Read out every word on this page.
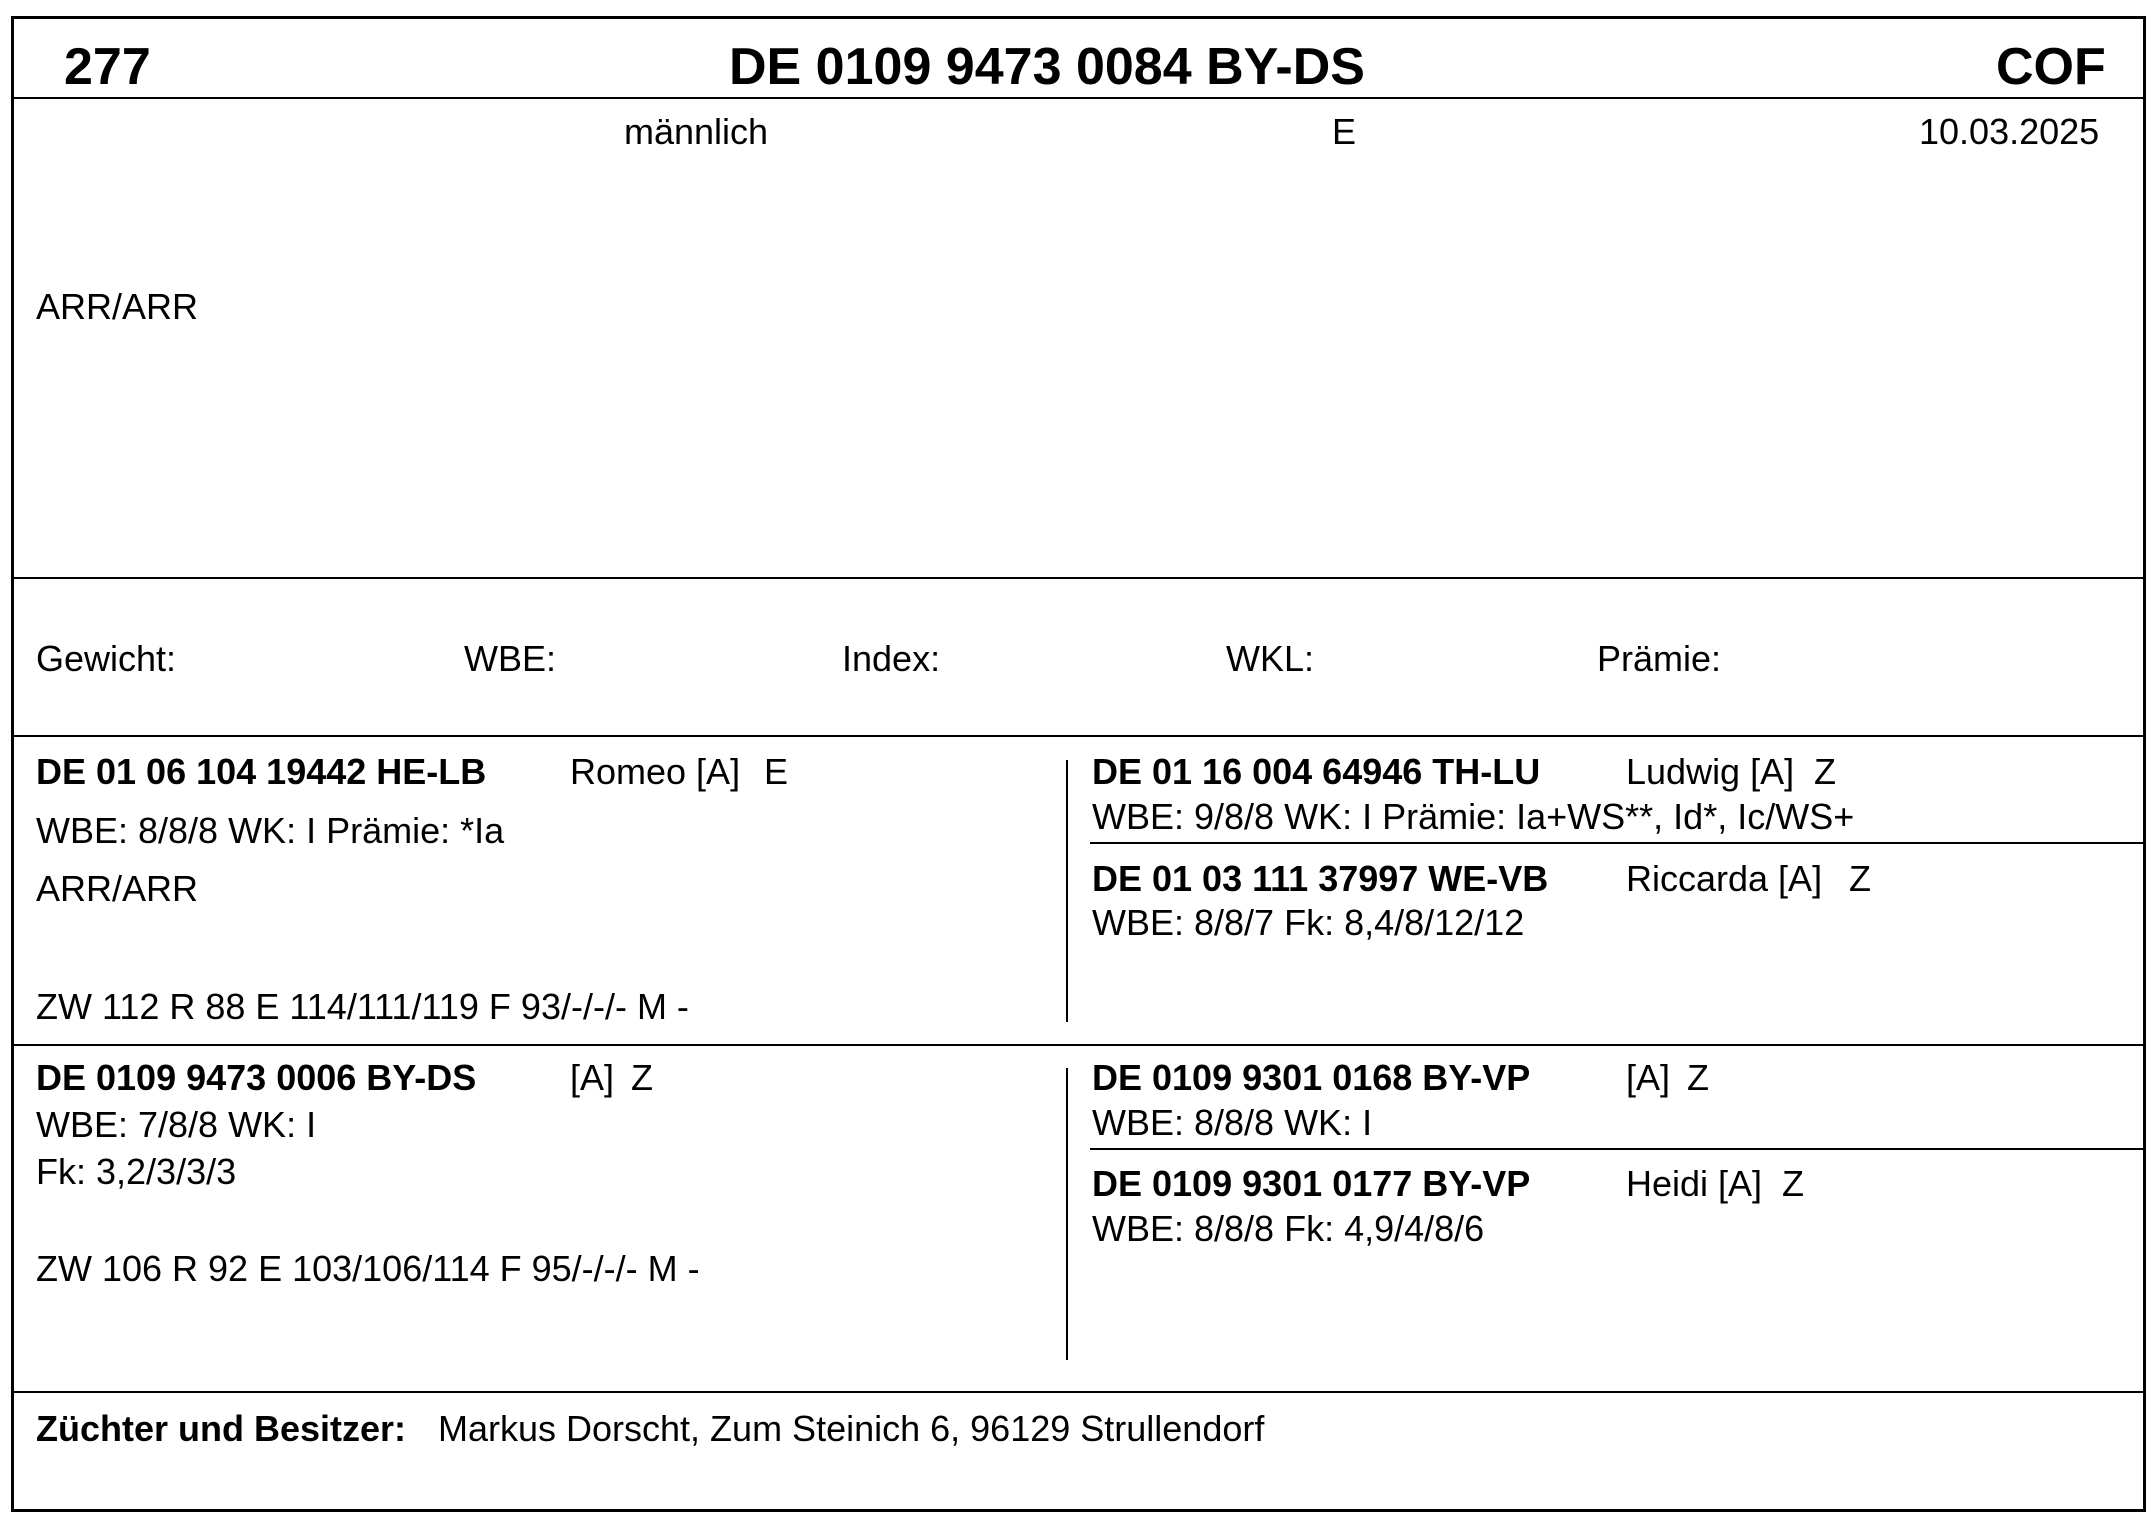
277	DE 0109 9473 0084 BY-DS	COF
männlich	E	10.03.2025
ARR/ARR
Gewicht:	WBE:	Index:	WKL:	Prämie:
DE 01 06 104 19442 HE-LB Romeo [A] E
WBE: 8/8/8 WK: I Prämie: *Ia
ARR/ARR
ZW 112 R 88 E 114/111/119 F 93/-/-/- M -
DE 01 16 004 64946 TH-LU Ludwig [A] Z
WBE: 9/8/8 WK: I Prämie: Ia+WS**, Id*, Ic/WS+
DE 01 03 111 37997 WE-VB Riccarda [A] Z
WBE: 8/8/7 Fk: 8,4/8/12/12
DE 0109 9473 0006 BY-DS	[A] Z
WBE: 7/8/8 WK: I
Fk: 3,2/3/3/3
ZW 106 R 92 E 103/106/114 F 95/-/-/- M -
DE 0109 9301 0168 BY-VP	[A] Z
WBE: 8/8/8 WK: I
DE 0109 9301 0177 BY-VP	Heidi [A] Z
WBE: 8/8/8 Fk: 4,9/4/8/6
Züchter und Besitzer: Markus Dorscht, Zum Steinich 6, 96129 Strullendorf
